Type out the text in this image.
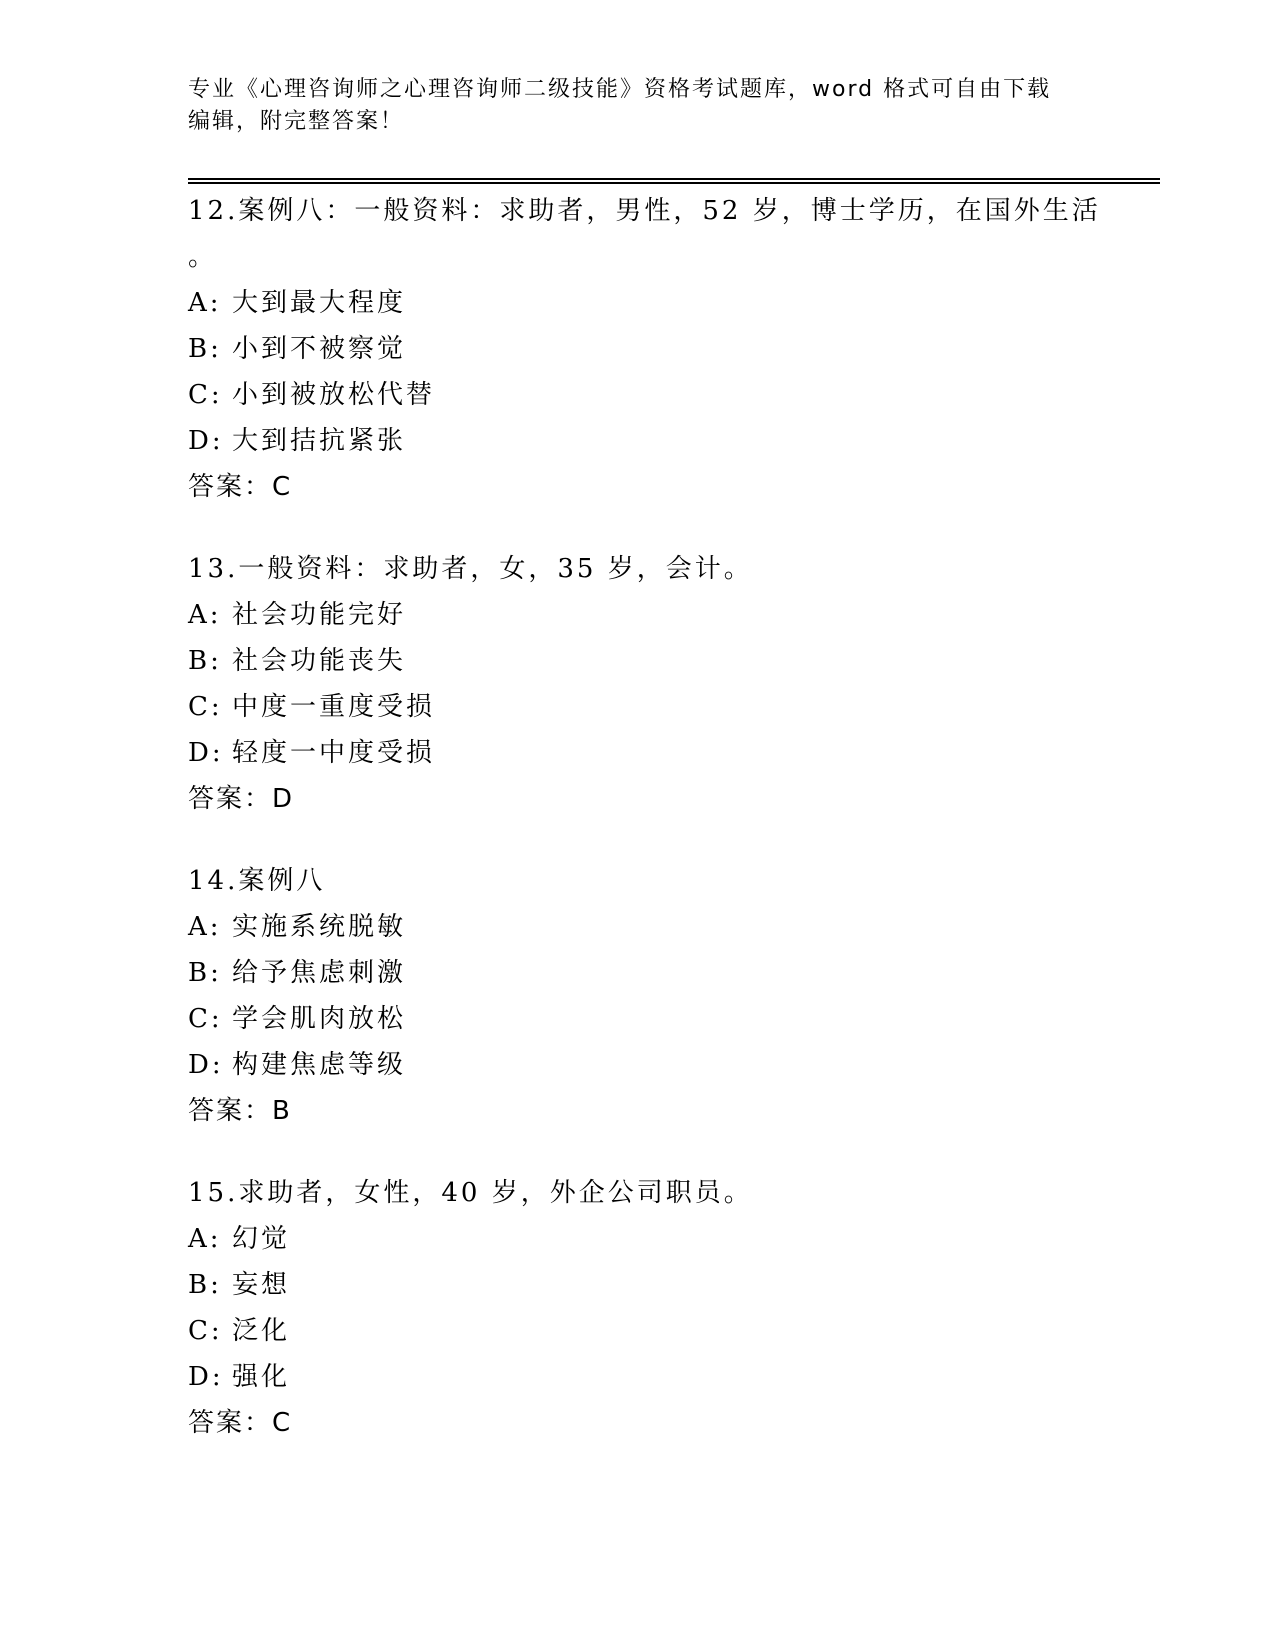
专业《心理咨询师之心理咨询师二级技能》资格考试题库，word 格式可自由下载
编辑，附完整答案！
12.案例八：一般资料：求助者，男性，52 岁，博士学历，在国外生活
。
A: 大到最大程度
B: 小到不被察觉
C: 小到被放松代替
D: 大到拮抗紧张
答案：C
13.一般资料：求助者，女，35 岁，会计。
A: 社会功能完好
B: 社会功能丧失
C: 中度一重度受损
D: 轻度一中度受损
答案：D
14.案例八
A: 实施系统脱敏
B: 给予焦虑刺激
C: 学会肌肉放松
D: 构建焦虑等级
答案：B
15.求助者，女性，40 岁，外企公司职员。
A: 幻觉
B: 妄想
C: 泛化
D: 强化
答案：C
